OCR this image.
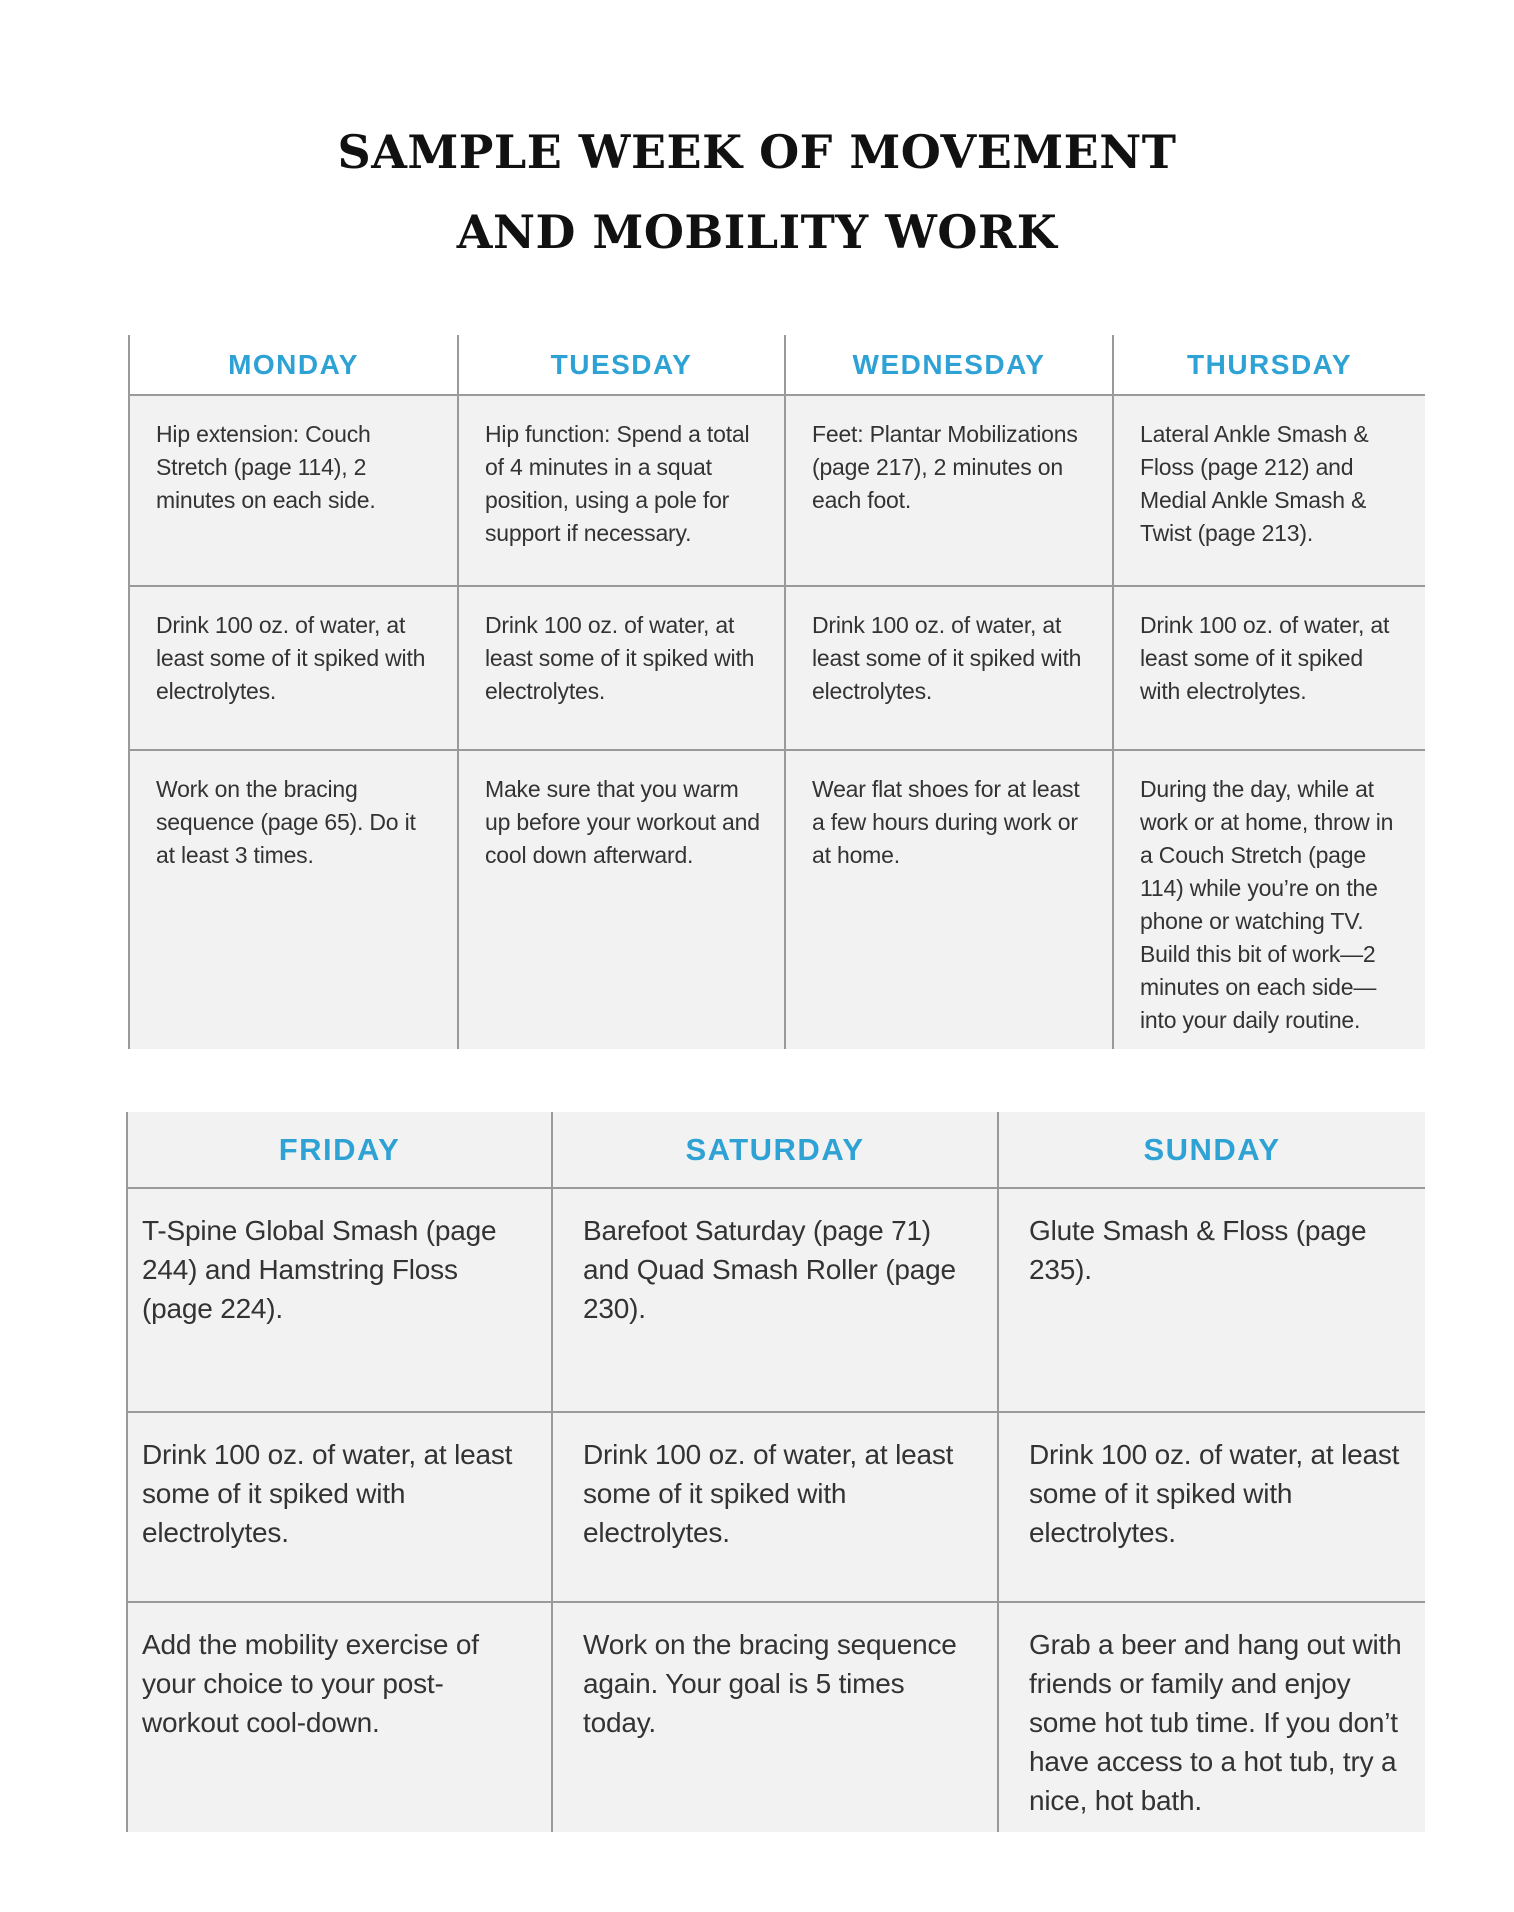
SAMPLE WEEK OF MOVEMENT
AND MOBILITY WORK
MONDAY	TUESDAY	WEDNESDAY	THURSDAY
Hip extension: Couch Stretch (page 114), 2 minutes on each side.	Hip function: Spend a total of 4 minutes in a squat position, using a pole for support if necessary.	Feet: Plantar Mobilizations (page 217), 2 minutes on each foot.	Lateral Ankle Smash & Floss (page 212) and Medial Ankle Smash & Twist (page 213).
Drink 100 oz. of water, at least some of it spiked with electrolytes.	Drink 100 oz. of water, at least some of it spiked with electrolytes.	Drink 100 oz. of water, at least some of it spiked with electrolytes.	Drink 100 oz. of water, at least some of it spiked with electrolytes.
Work on the bracing sequence (page 65). Do it at least 3 times.	Make sure that you warm up before your workout and cool down afterward.	Wear flat shoes for at least a few hours during work or at home.	During the day, while at work or at home, throw in a Couch Stretch (page 114) while you’re on the phone or watching TV. Build this bit of work—2 minutes on each side—into your daily routine.
FRIDAY	SATURDAY	SUNDAY
T-Spine Global Smash (page 244) and Hamstring Floss (page 224).	Barefoot Saturday (page 71) and Quad Smash Roller (page 230).	Glute Smash & Floss (page 235).
Drink 100 oz. of water, at least some of it spiked with electrolytes.	Drink 100 oz. of water, at least some of it spiked with electrolytes.	Drink 100 oz. of water, at least some of it spiked with electrolytes.
Add the mobility exercise of your choice to your post-workout cool-down.	Work on the bracing sequence again. Your goal is 5 times today.	Grab a beer and hang out with friends or family and enjoy some hot tub time. If you don’t have access to a hot tub, try a nice, hot bath.
